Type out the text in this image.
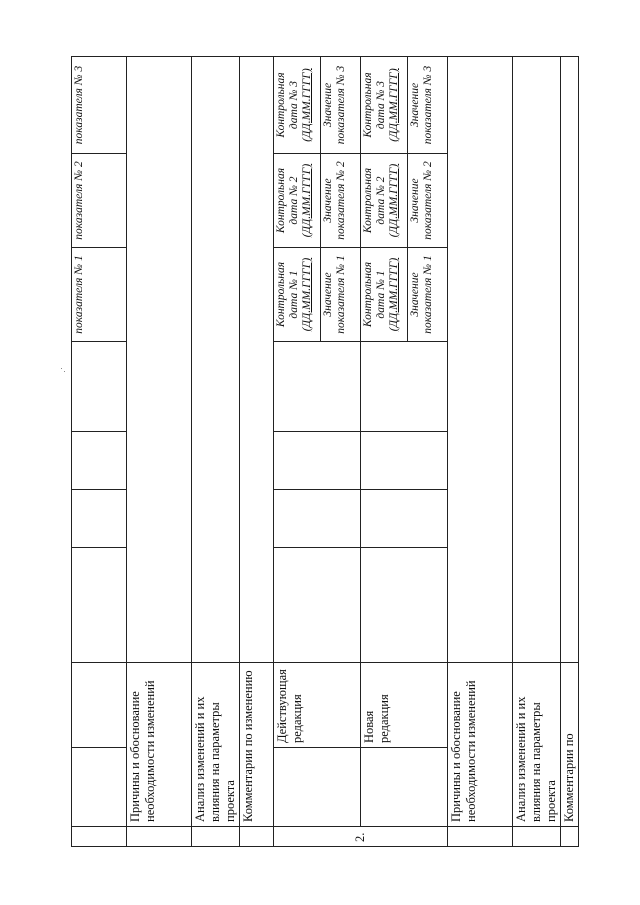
							показателя № 1	показателя № 2	показателя № 3
	Причины и обоснование необходимости изменений								
	Анализ изменений и их влияния на параметры проекта								
	Комментарии по изменению								
2.		Действующая редакция					Контрольная дата № 1 (ДД.ММ.ГГГГ)	Контрольная дата № 2 (ДД.ММ.ГГГГ)	Контрольная дата № 3 (ДД.ММ.ГГГГ)
							Значение показателя № 1	Значение показателя № 2	Значение показателя № 3
		Новая редакция					Контрольная дата № 1 (ДД.ММ.ГГГГ)	Контрольная дата № 2 (ДД.ММ.ГГГГ)	Контрольная дата № 3 (ДД.ММ.ГГГГ)
							Значение показателя № 1	Значение показателя № 2	Значение показателя № 3
	Причины и обоснование необходимости изменений								
	Анализ изменений и их влияния на параметры проекта								
	Комментарии по								
